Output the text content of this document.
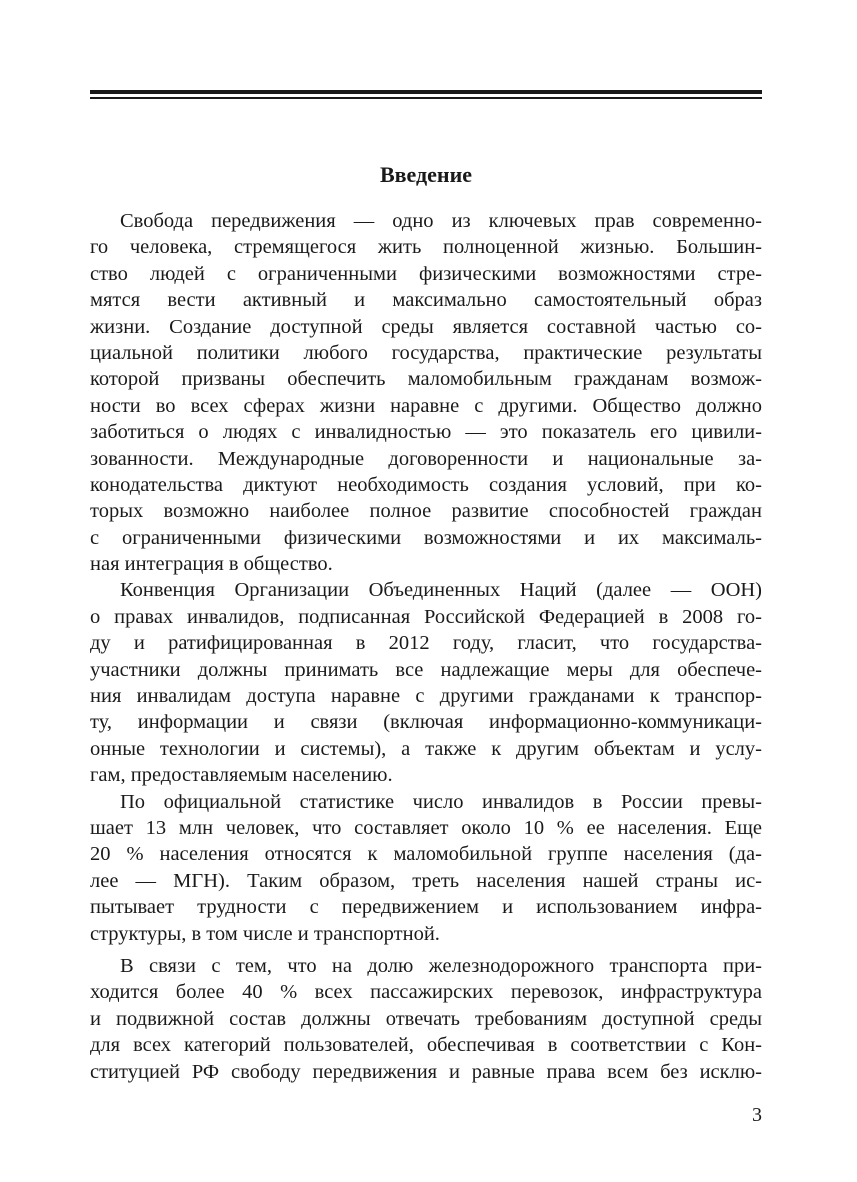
Введение
Свобода передвижения — одно из ключевых прав современно-
го человека, стремящегося жить полноценной жизнью. Большин-
ство людей с ограниченными физическими возможностями стре-
мятся вести активный и максимально самостоятельный образ
жизни. Создание доступной среды является составной частью со-
циальной политики любого государства, практические результаты
которой призваны обеспечить маломобильным гражданам возмож-
ности во всех сферах жизни наравне с другими. Общество должно
заботиться о людях с инвалидностью — это показатель его цивили-
зованности. Международные договоренности и национальные за-
конодательства диктуют необходимость создания условий, при ко-
торых возможно наиболее полное развитие способностей граждан
с ограниченными физическими возможностями и их максималь-
ная интеграция в общество.
Конвенция Организации Объединенных Наций (далее — ООН)
о правах инвалидов, подписанная Российской Федерацией в 2008 го-
ду и ратифицированная в 2012 году, гласит, что государства-
участники должны принимать все надлежащие меры для обеспече-
ния инвалидам доступа наравне с другими гражданами к транспор-
ту, информации и связи (включая информационно-коммуникаци-
онные технологии и системы), а также к другим объектам и услу-
гам, предоставляемым населению.
По официальной статистике число инвалидов в России превы-
шает 13 млн человек, что составляет около 10 % ее населения. Еще
20 % населения относятся к маломобильной группе населения (да-
лее — МГН). Таким образом, треть населения нашей страны ис-
пытывает трудности с передвижением и использованием инфра-
структуры, в том числе и транспортной.
В связи с тем, что на долю железнодорожного транспорта при-
ходится более 40 % всех пассажирских перевозок, инфраструктура
и подвижной состав должны отвечать требованиям доступной среды
для всех категорий пользователей, обеспечивая в соответствии с Кон-
ституцией РФ свободу передвижения и равные права всем без исклю-
3
